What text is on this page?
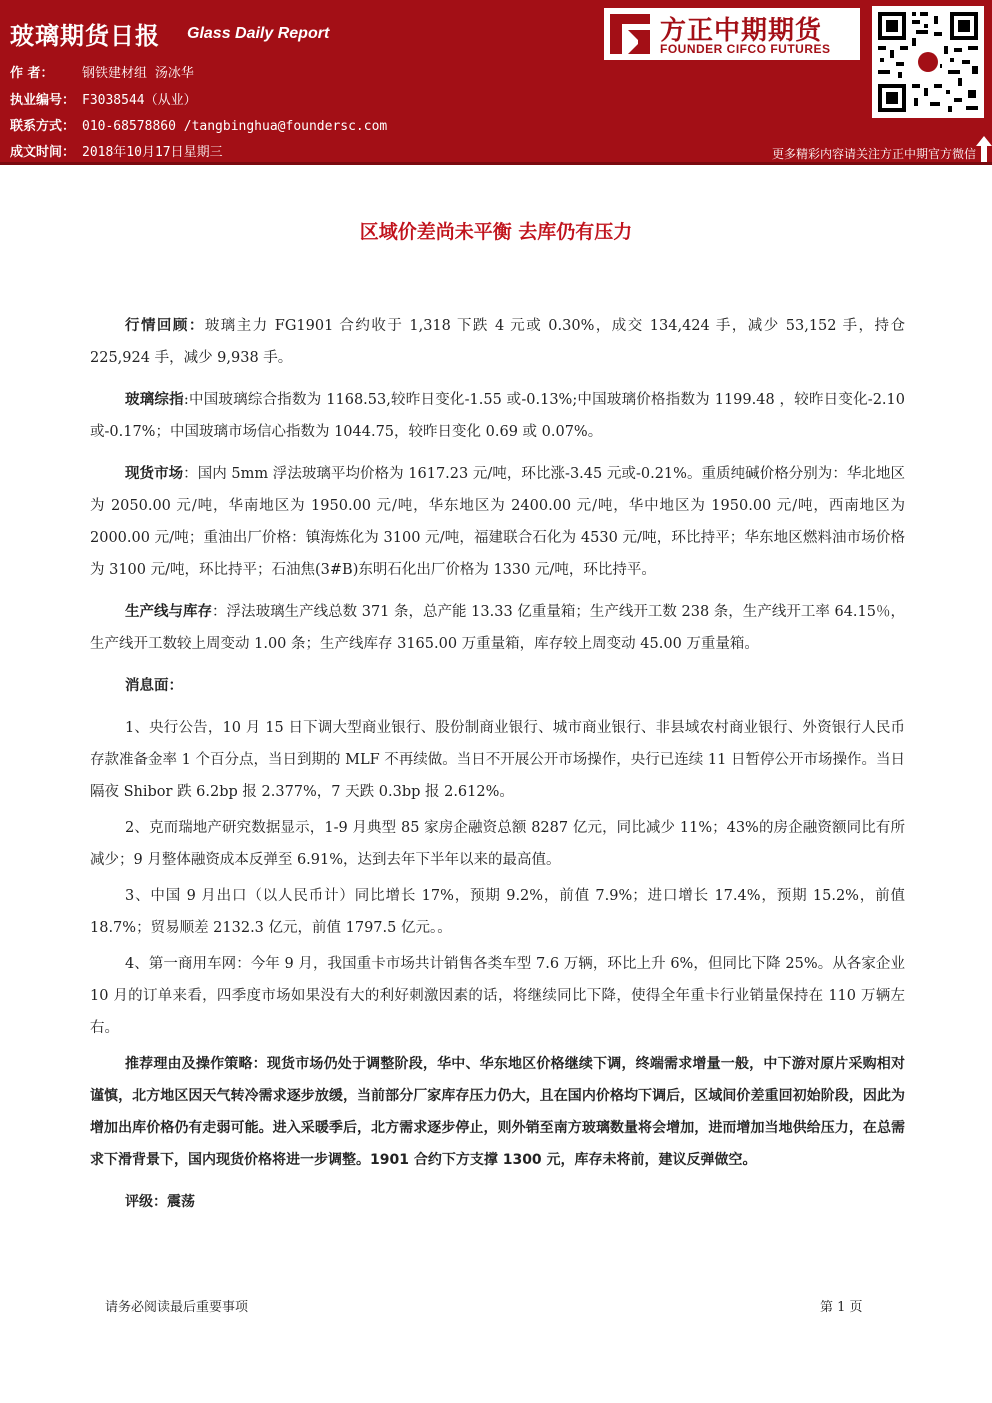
玻璃期货日报 Glass Daily Report
作 者： 钢铁建材组 汤冰华
执业编号： F3038544（从业）
联系方式： 010-68578860 /tangbinghua@foundersc.com
成文时间： 2018年10月17日星期三
方正中期期货
FOUNDER CIFCO FUTURES
更多精彩内容请关注方正中期官方微信
区域价差尚未平衡 去库仍有压力

行情回顾：玻璃主力 FG1901 合约收于 1,318 下跌 4 元或 0.30%，成交 134,424 手，减少 53,152 手，持仓 225,924 手，减少 9,938 手。

玻璃综指:中国玻璃综合指数为 1168.53,较昨日变化-1.55 或-0.13%;中国玻璃价格指数为 1199.48 ，较昨日变化-2.10 或-0.17%；中国玻璃市场信心指数为 1044.75，较昨日变化 0.69 或 0.07%。

现货市场：国内 5mm 浮法玻璃平均价格为 1617.23 元/吨，环比涨-3.45 元或-0.21%。重质纯碱价格分别为：华北地区为 2050.00 元/吨，华南地区为 1950.00 元/吨，华东地区为 2400.00 元/吨，华中地区为 1950.00 元/吨，西南地区为 2000.00 元/吨；重油出厂价格：镇海炼化为 3100 元/吨，福建联合石化为 4530 元/吨，环比持平；华东地区燃料油市场价格为 3100 元/吨，环比持平；石油焦(3#B)东明石化出厂价格为 1330 元/吨，环比持平。

生产线与库存：浮法玻璃生产线总数 371 条，总产能 13.33 亿重量箱；生产线开工数 238 条，生产线开工率 64.15％，生产线开工数较上周变动 1.00 条；生产线库存 3165.00 万重量箱，库存较上周变动 45.00 万重量箱。

消息面：

1、央行公告，10 月 15 日下调大型商业银行、股份制商业银行、城市商业银行、非县域农村商业银行、外资银行人民币存款准备金率 1 个百分点，当日到期的 MLF 不再续做。当日不开展公开市场操作，央行已连续 11 日暂停公开市场操作。当日隔夜 Shibor 跌 6.2bp 报 2.377%，7 天跌 0.3bp 报 2.612%。

2、克而瑞地产研究数据显示，1-9 月典型 85 家房企融资总额 8287 亿元，同比减少 11%；43%的房企融资额同比有所减少；9 月整体融资成本反弹至 6.91%，达到去年下半年以来的最高值。

3、中国 9 月出口（以人民币计）同比增长 17%，预期 9.2%，前值 7.9%；进口增长 17.4%，预期 15.2%，前值 18.7%；贸易顺差 2132.3 亿元，前值 1797.5 亿元。。

4、第一商用车网：今年 9 月，我国重卡市场共计销售各类车型 7.6 万辆，环比上升 6%，但同比下降 25%。从各家企业 10 月的订单来看，四季度市场如果没有大的利好刺激因素的话，将继续同比下降，使得全年重卡行业销量保持在 110 万辆左右。

推荐理由及操作策略：现货市场仍处于调整阶段，华中、华东地区价格继续下调，终端需求增量一般，中下游对原片采购相对谨慎，北方地区因天气转冷需求逐步放缓，当前部分厂家库存压力仍大，且在国内价格均下调后，区域间价差重回初始阶段，因此为增加出库价格仍有走弱可能。进入采暖季后，北方需求逐步停止，则外销至南方玻璃数量将会增加，进而增加当地供给压力，在总需求下滑背景下，国内现货价格将进一步调整。1901 合约下方支撑 1300 元，库存未将前，建议反弹做空。

评级：震荡

请务必阅读最后重要事项	第 1 页
